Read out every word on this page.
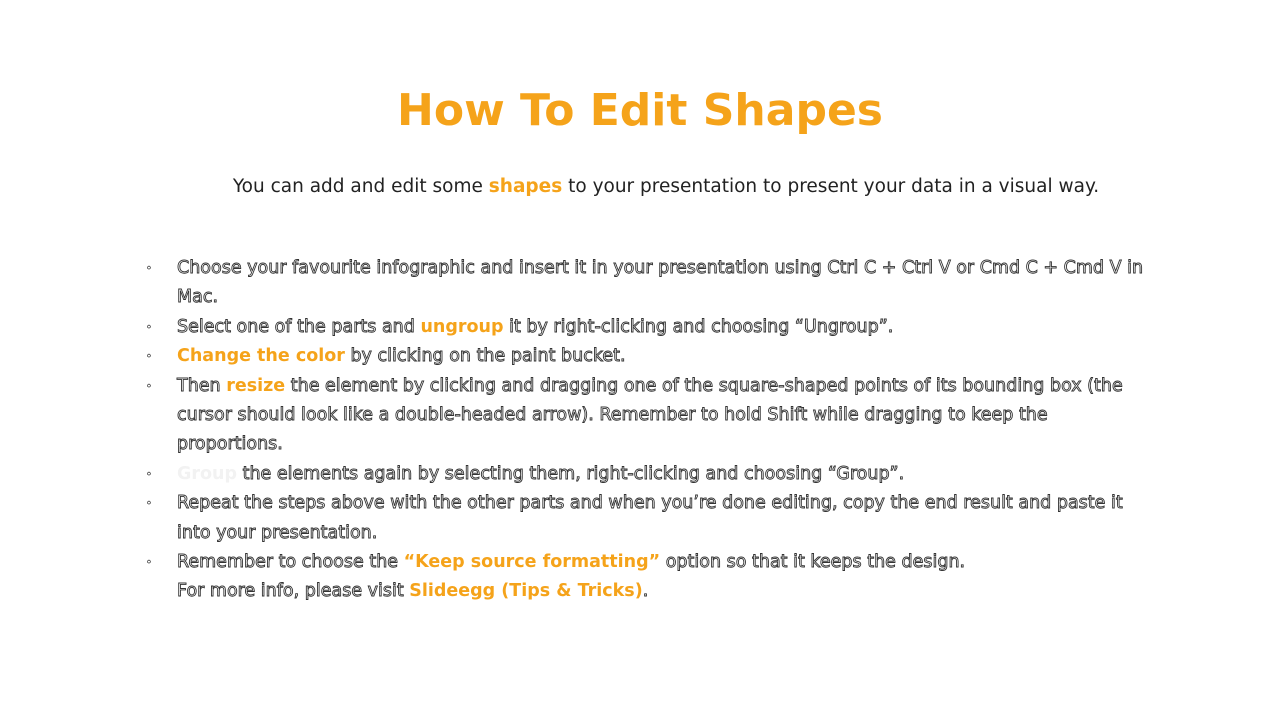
How To Edit Shapes
You can add and edit some shapes to your presentation to present your data in a visual way.
• Choose your favourite infographic and insert it in your presentation using Ctrl C + Ctrl V or Cmd C + Cmd V in Mac.
• Select one of the parts and ungroup it by right-clicking and choosing “Ungroup”.
• Change the color by clicking on the paint bucket.
• Then resize the element by clicking and dragging one of the square-shaped points of its bounding box (the cursor should look like a double-headed arrow). Remember to hold Shift while dragging to keep the proportions.
• Group the elements again by selecting them, right-clicking and choosing “Group”.
• Repeat the steps above with the other parts and when you’re done editing, copy the end result and paste it into your presentation.
• Remember to choose the “Keep source formatting” option so that it keeps the design.
For more info, please visit Slideegg (Tips & Tricks).
